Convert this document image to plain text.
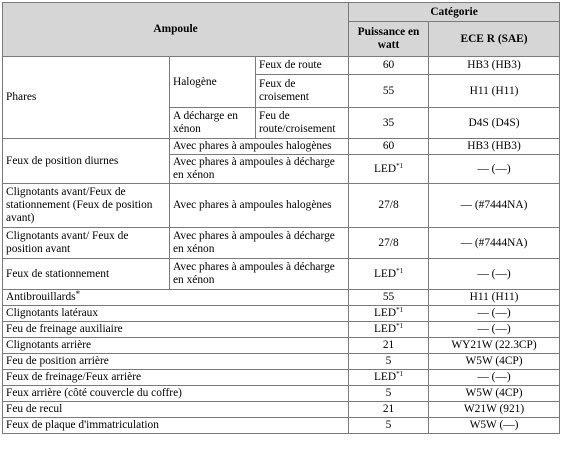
Ampoule			Catégorie	
			Puissance en watt	ECE R (SAE)
Phares	Halogène	Feux de route	60	HB3 (HB3)
		Feux de croisement	55	H11 (H11)

	A décharge en xénon	Feu de route/croisement	35	D4S (D4S)
Feux de position diurnes	Avec phares à ampoules halogènes		60	HB3 (HB3)
	Avec phares à ampoules à décharge en xénon		LED$^{*1}$	— (—)
Clignotants avant/Feux de stationnement (Feux de position avant)	Avec phares à ampoules halogènes		27/8	— (#7444NA)
Clignotants avant/ Feux de position avant	Avec phares à ampoules à décharge en xénon		27/8	— (#7444NA)
Feux de stationnement	Avec phares à ampoules à décharge en xénon		LED$^{*1}$	— (—)
Antibrouillards*			55	H11 (H11)
Clignotants latéraux			LED$^{*1}$	— (—)
Feu de freinage auxiliaire			LED$^{*1}$	— (—)
Clignotants arrière			21	WY21W (22.3CP)
Feu de position arrière			5	W5W (4CP)
Feux de freinage/Feux arrière			LED$^{*1}$	— (—)
Feux arrière (côté couvercle du coffre)			5	W5W (4CP)
Feu de recul			21	W21W (921)
Feux de plaque d'immatriculation			5	W5W (—)
